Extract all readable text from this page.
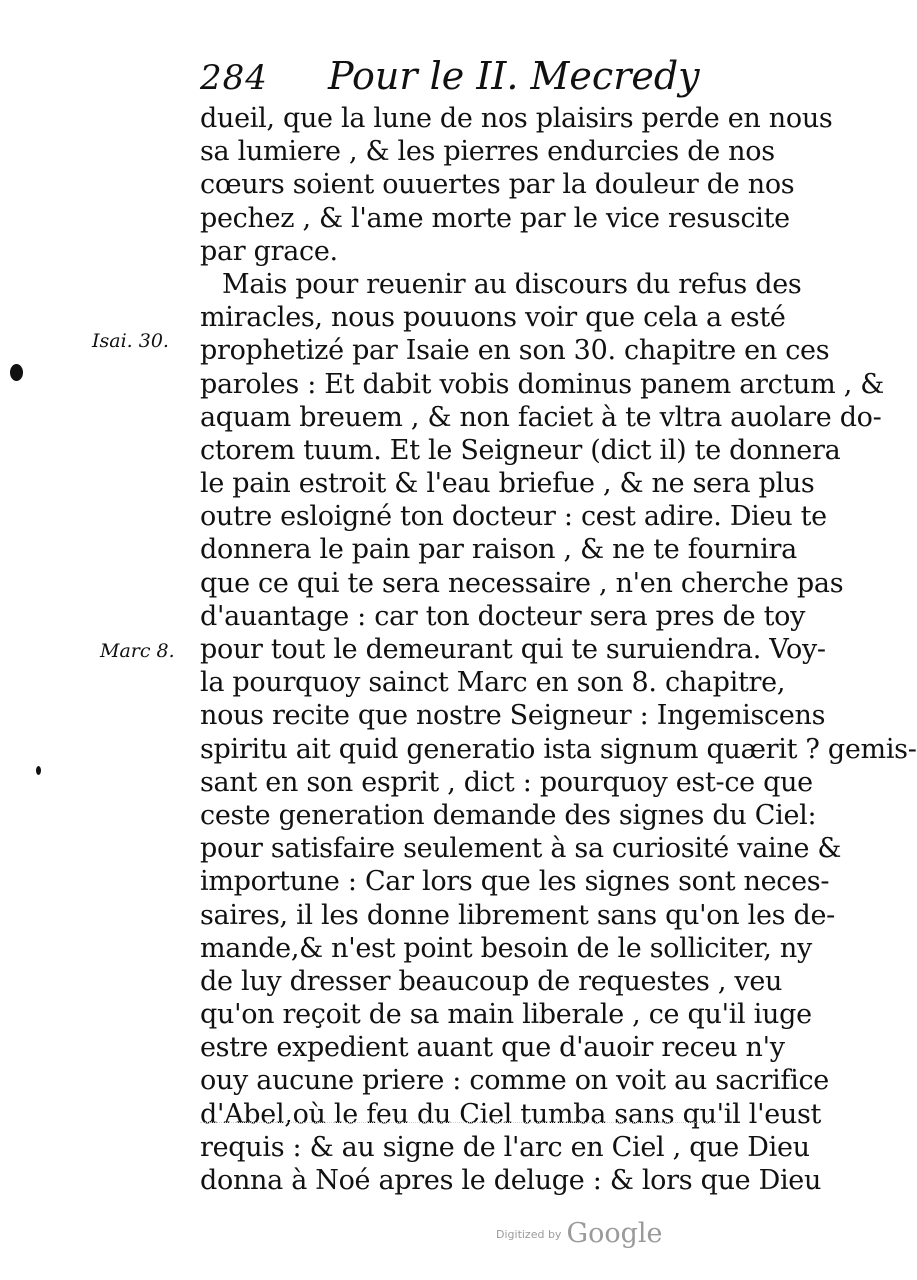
284 Pour le II. Mecredy
Isai. 30.
Marc 8.
dueil, que la lune de nos plaisirs perde en nous
sa lumiere , & les pierres endurcies de nos
cœurs soient ouuertes par la douleur de nos
pechez , & l'ame morte par le vice resuscite
par grace.
Mais pour reuenir au discours du refus des
miracles, nous pouuons voir que cela a esté
prophetizé par Isaie en son 30. chapitre en ces
paroles : Et dabit vobis dominus panem arctum , &
aquam breuem , & non faciet à te vltra auolare do-
ctorem tuum. Et le Seigneur (dict il) te donnera
le pain estroit & l'eau briefue , & ne sera plus
outre esloigné ton docteur : cest adire. Dieu te
donnera le pain par raison , & ne te fournira
que ce qui te sera necessaire , n'en cherche pas
d'auantage : car ton docteur sera pres de toy
pour tout le demeurant qui te suruiendra. Voy-
la pourquoy sainct Marc en son 8. chapitre,
nous recite que nostre Seigneur : Ingemiscens
spiritu ait quid generatio ista signum quærit ? gemis-
sant en son esprit , dict : pourquoy est-ce que
ceste generation demande des signes du Ciel:
pour satisfaire seulement à sa curiosité vaine &
importune : Car lors que les signes sont neces-
saires, il les donne librement sans qu'on les de-
mande,& n'est point besoin de le solliciter, ny
de luy dresser beaucoup de requestes , veu
qu'on reçoit de sa main liberale , ce qu'il iuge
estre expedient auant que d'auoir receu n'y
ouy aucune priere : comme on voit au sacrifice
d'Abel,où le feu du Ciel tumba sans qu'il l'eust
requis : & au signe de l'arc en Ciel , que Dieu
donna à Noé apres le deluge : & lors que Dieu
$^{Digitized by}$ Google
